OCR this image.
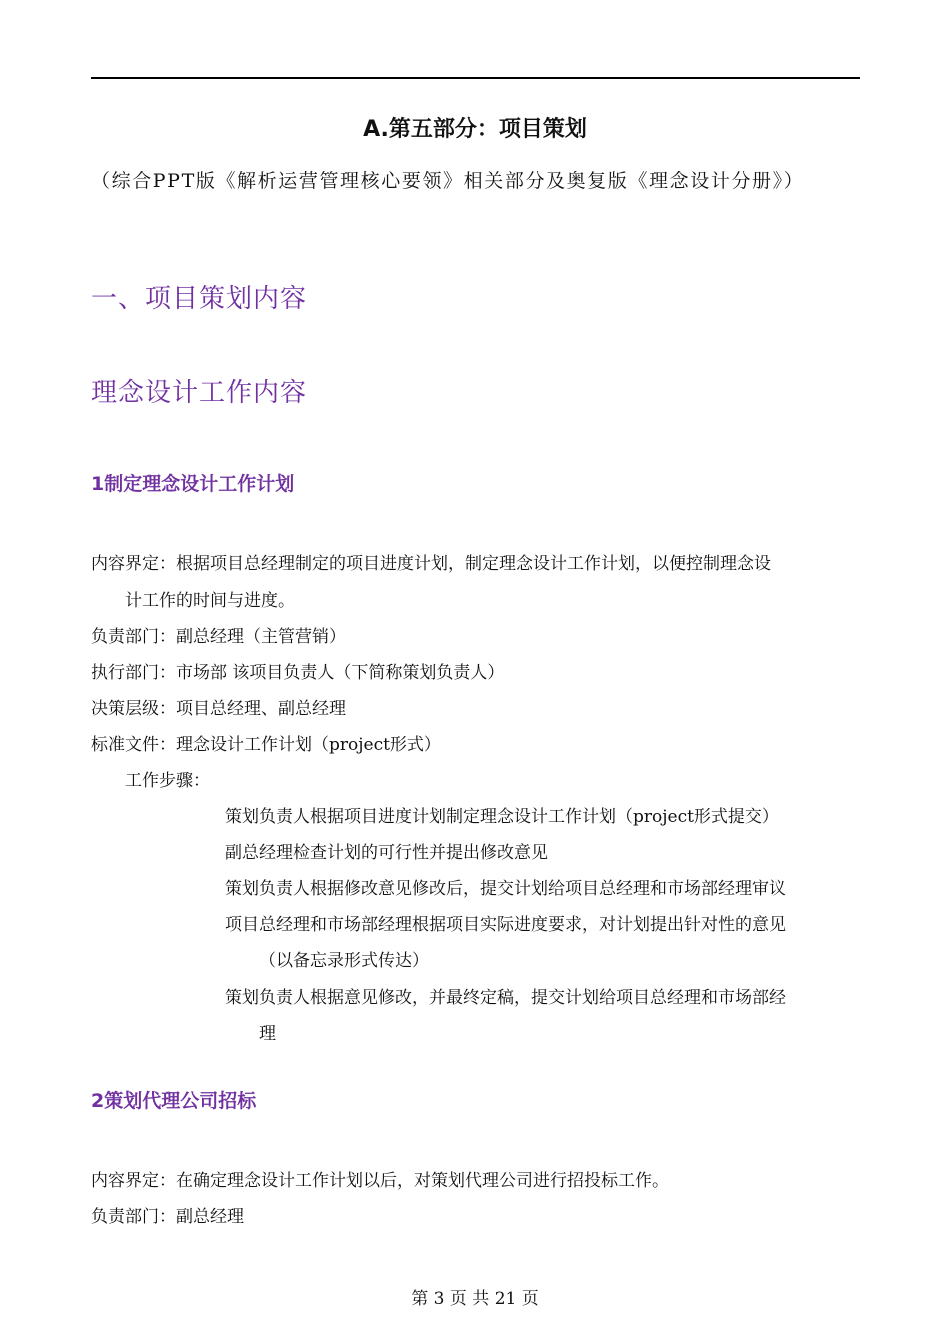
A.第五部分：项目策划
（综合PPT版《解析运营管理核心要领》相关部分及奥复版《理念设计分册》）
一、项目策划内容
理念设计工作内容
1制定理念设计工作计划
内容界定：根据项目总经理制定的项目进度计划，制定理念设计工作计划，以便控制理念设
计工作的时间与进度。
负责部门：副总经理（主管营销）
执行部门：市场部 该项目负责人（下简称策划负责人）
决策层级：项目总经理、副总经理
标准文件：理念设计工作计划（project形式）
工作步骤：
策划负责人根据项目进度计划制定理念设计工作计划（project形式提交）
副总经理检查计划的可行性并提出修改意见
策划负责人根据修改意见修改后，提交计划给项目总经理和市场部经理审议
项目总经理和市场部经理根据项目实际进度要求，对计划提出针对性的意见
（以备忘录形式传达）
策划负责人根据意见修改，并最终定稿，提交计划给项目总经理和市场部经
理
2策划代理公司招标
内容界定：在确定理念设计工作计划以后，对策划代理公司进行招投标工作。
负责部门：副总经理
第 3 页 共 21 页
